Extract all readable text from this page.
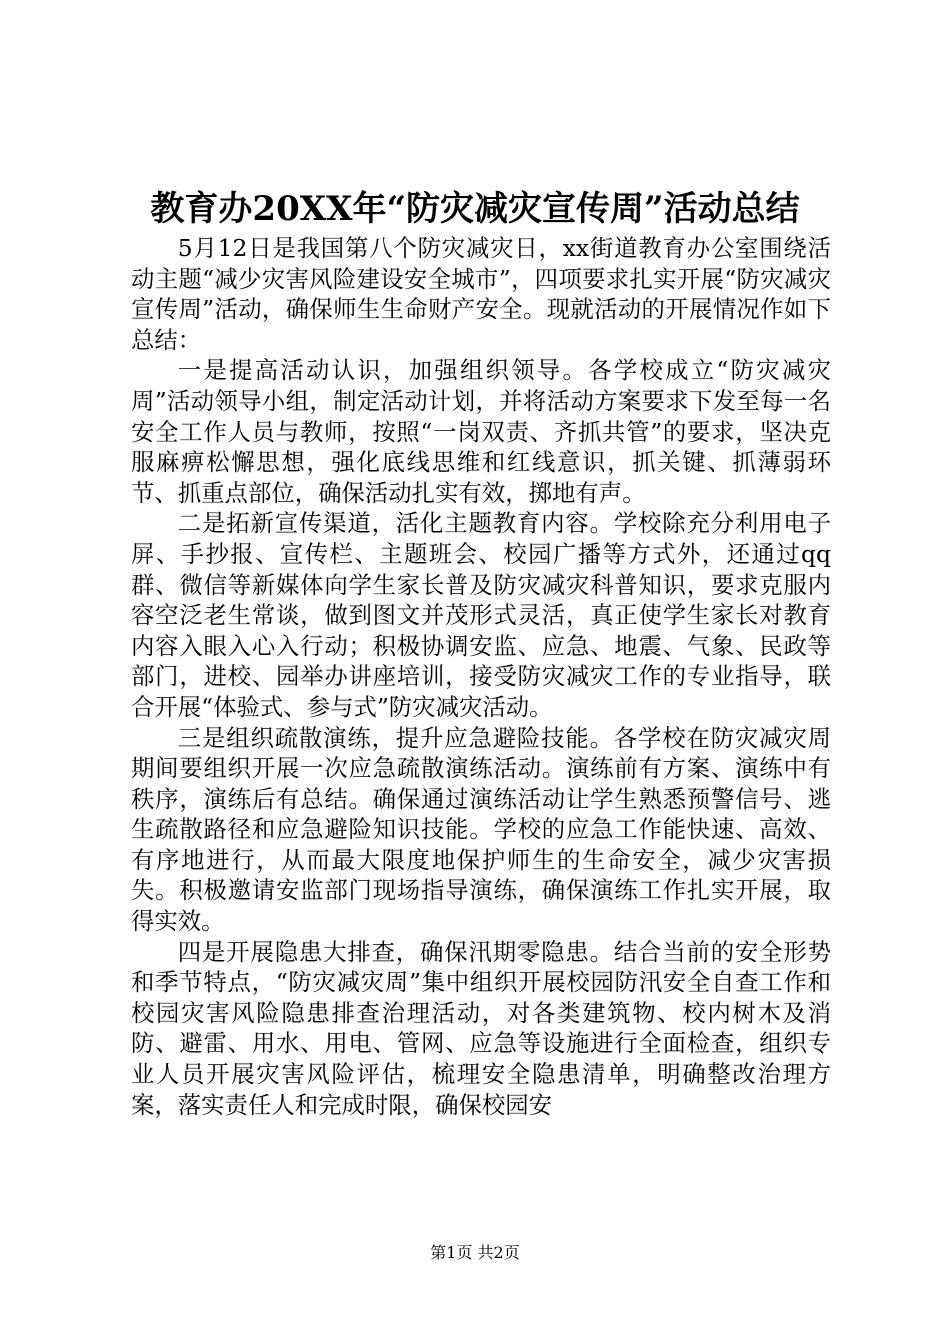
教育办20XX年“防灾减灾宣传周”活动总结

5月12日是我国第八个防灾减灾日，xx街道教育办公室围绕活动主题“减少灾害风险建设安全城市”，四项要求扎实开展“防灾减灾宣传周”活动，确保师生生命财产安全。现就活动的开展情况作如下总结：

一是提高活动认识，加强组织领导。各学校成立“防灾减灾周”活动领导小组，制定活动计划，并将活动方案要求下发至每一名安全工作人员与教师，按照“一岗双责、齐抓共管”的要求，坚决克服麻痹松懈思想，强化底线思维和红线意识，抓关键、抓薄弱环节、抓重点部位，确保活动扎实有效，掷地有声。

二是拓新宣传渠道，活化主题教育内容。学校除充分利用电子屏、手抄报、宣传栏、主题班会、校园广播等方式外，还通过qq群、微信等新媒体向学生家长普及防灾减灾科普知识，要求克服内容空泛老生常谈，做到图文并茂形式灵活，真正使学生家长对教育内容入眼入心入行动；积极协调安监、应急、地震、气象、民政等部门，进校、园举办讲座培训，接受防灾减灾工作的专业指导，联合开展“体验式、参与式”防灾减灾活动。

三是组织疏散演练，提升应急避险技能。各学校在防灾减灾周期间要组织开展一次应急疏散演练活动。演练前有方案、演练中有秩序，演练后有总结。确保通过演练活动让学生熟悉预警信号、逃生疏散路径和应急避险知识技能。学校的应急工作能快速、高效、有序地进行，从而最大限度地保护师生的生命安全，减少灾害损失。积极邀请安监部门现场指导演练，确保演练工作扎实开展，取得实效。

四是开展隐患大排查，确保汛期零隐患。结合当前的安全形势和季节特点，“防灾减灾周”集中组织开展校园防汛安全自查工作和校园灾害风险隐患排查治理活动，对各类建筑物、校内树木及消防、避雷、用水、用电、管网、应急等设施进行全面检查，组织专业人员开展灾害风险评估，梳理安全隐患清单，明确整改治理方案，落实责任人和完成时限，确保校园安

第1页 共2页
